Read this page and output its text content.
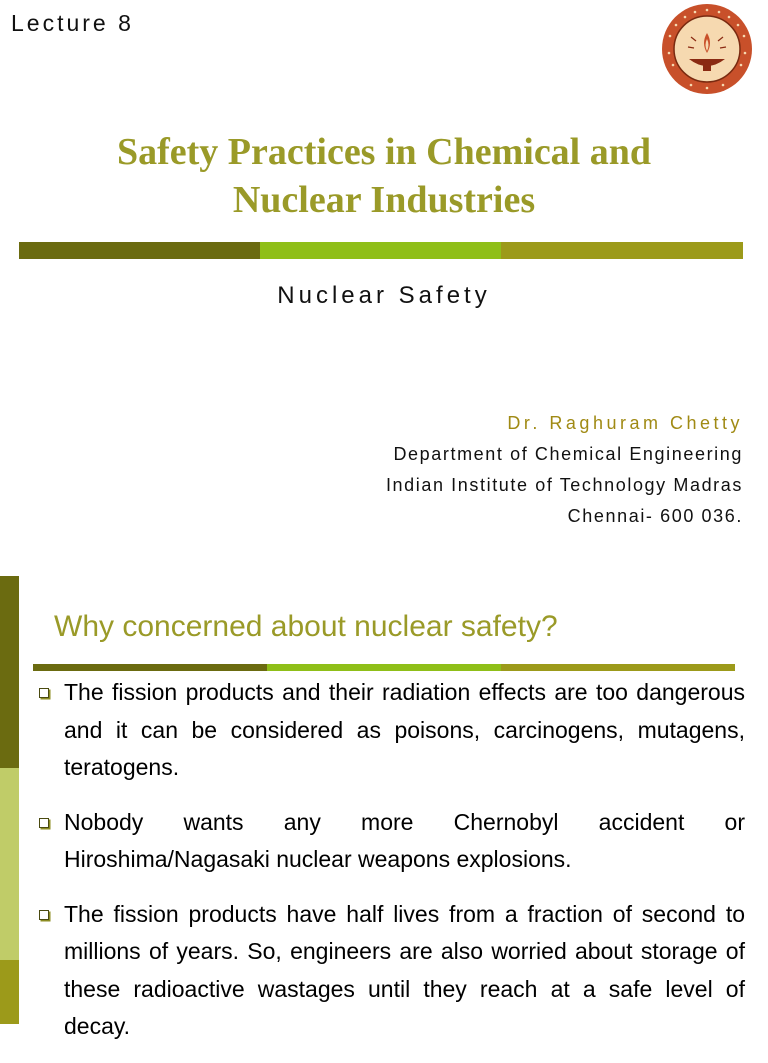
Lecture 8
Safety Practices in Chemical and
Nuclear Industries
Nuclear Safety
Dr. Raghuram Chetty
Department of Chemical Engineering
Indian Institute of Technology Madras
Chennai- 600 036.
Why concerned about nuclear safety?
The fission products and their radiation effects are too dangerous and it can be considered as poisons, carcinogens, mutagens, teratogens.
Nobody wants any more Chernobyl accident or Hiroshima/Nagasaki nuclear weapons explosions.
The fission products have half lives from a fraction of second to millions of years. So, engineers are also worried about storage of these radioactive wastages until they reach at a safe level of decay.
